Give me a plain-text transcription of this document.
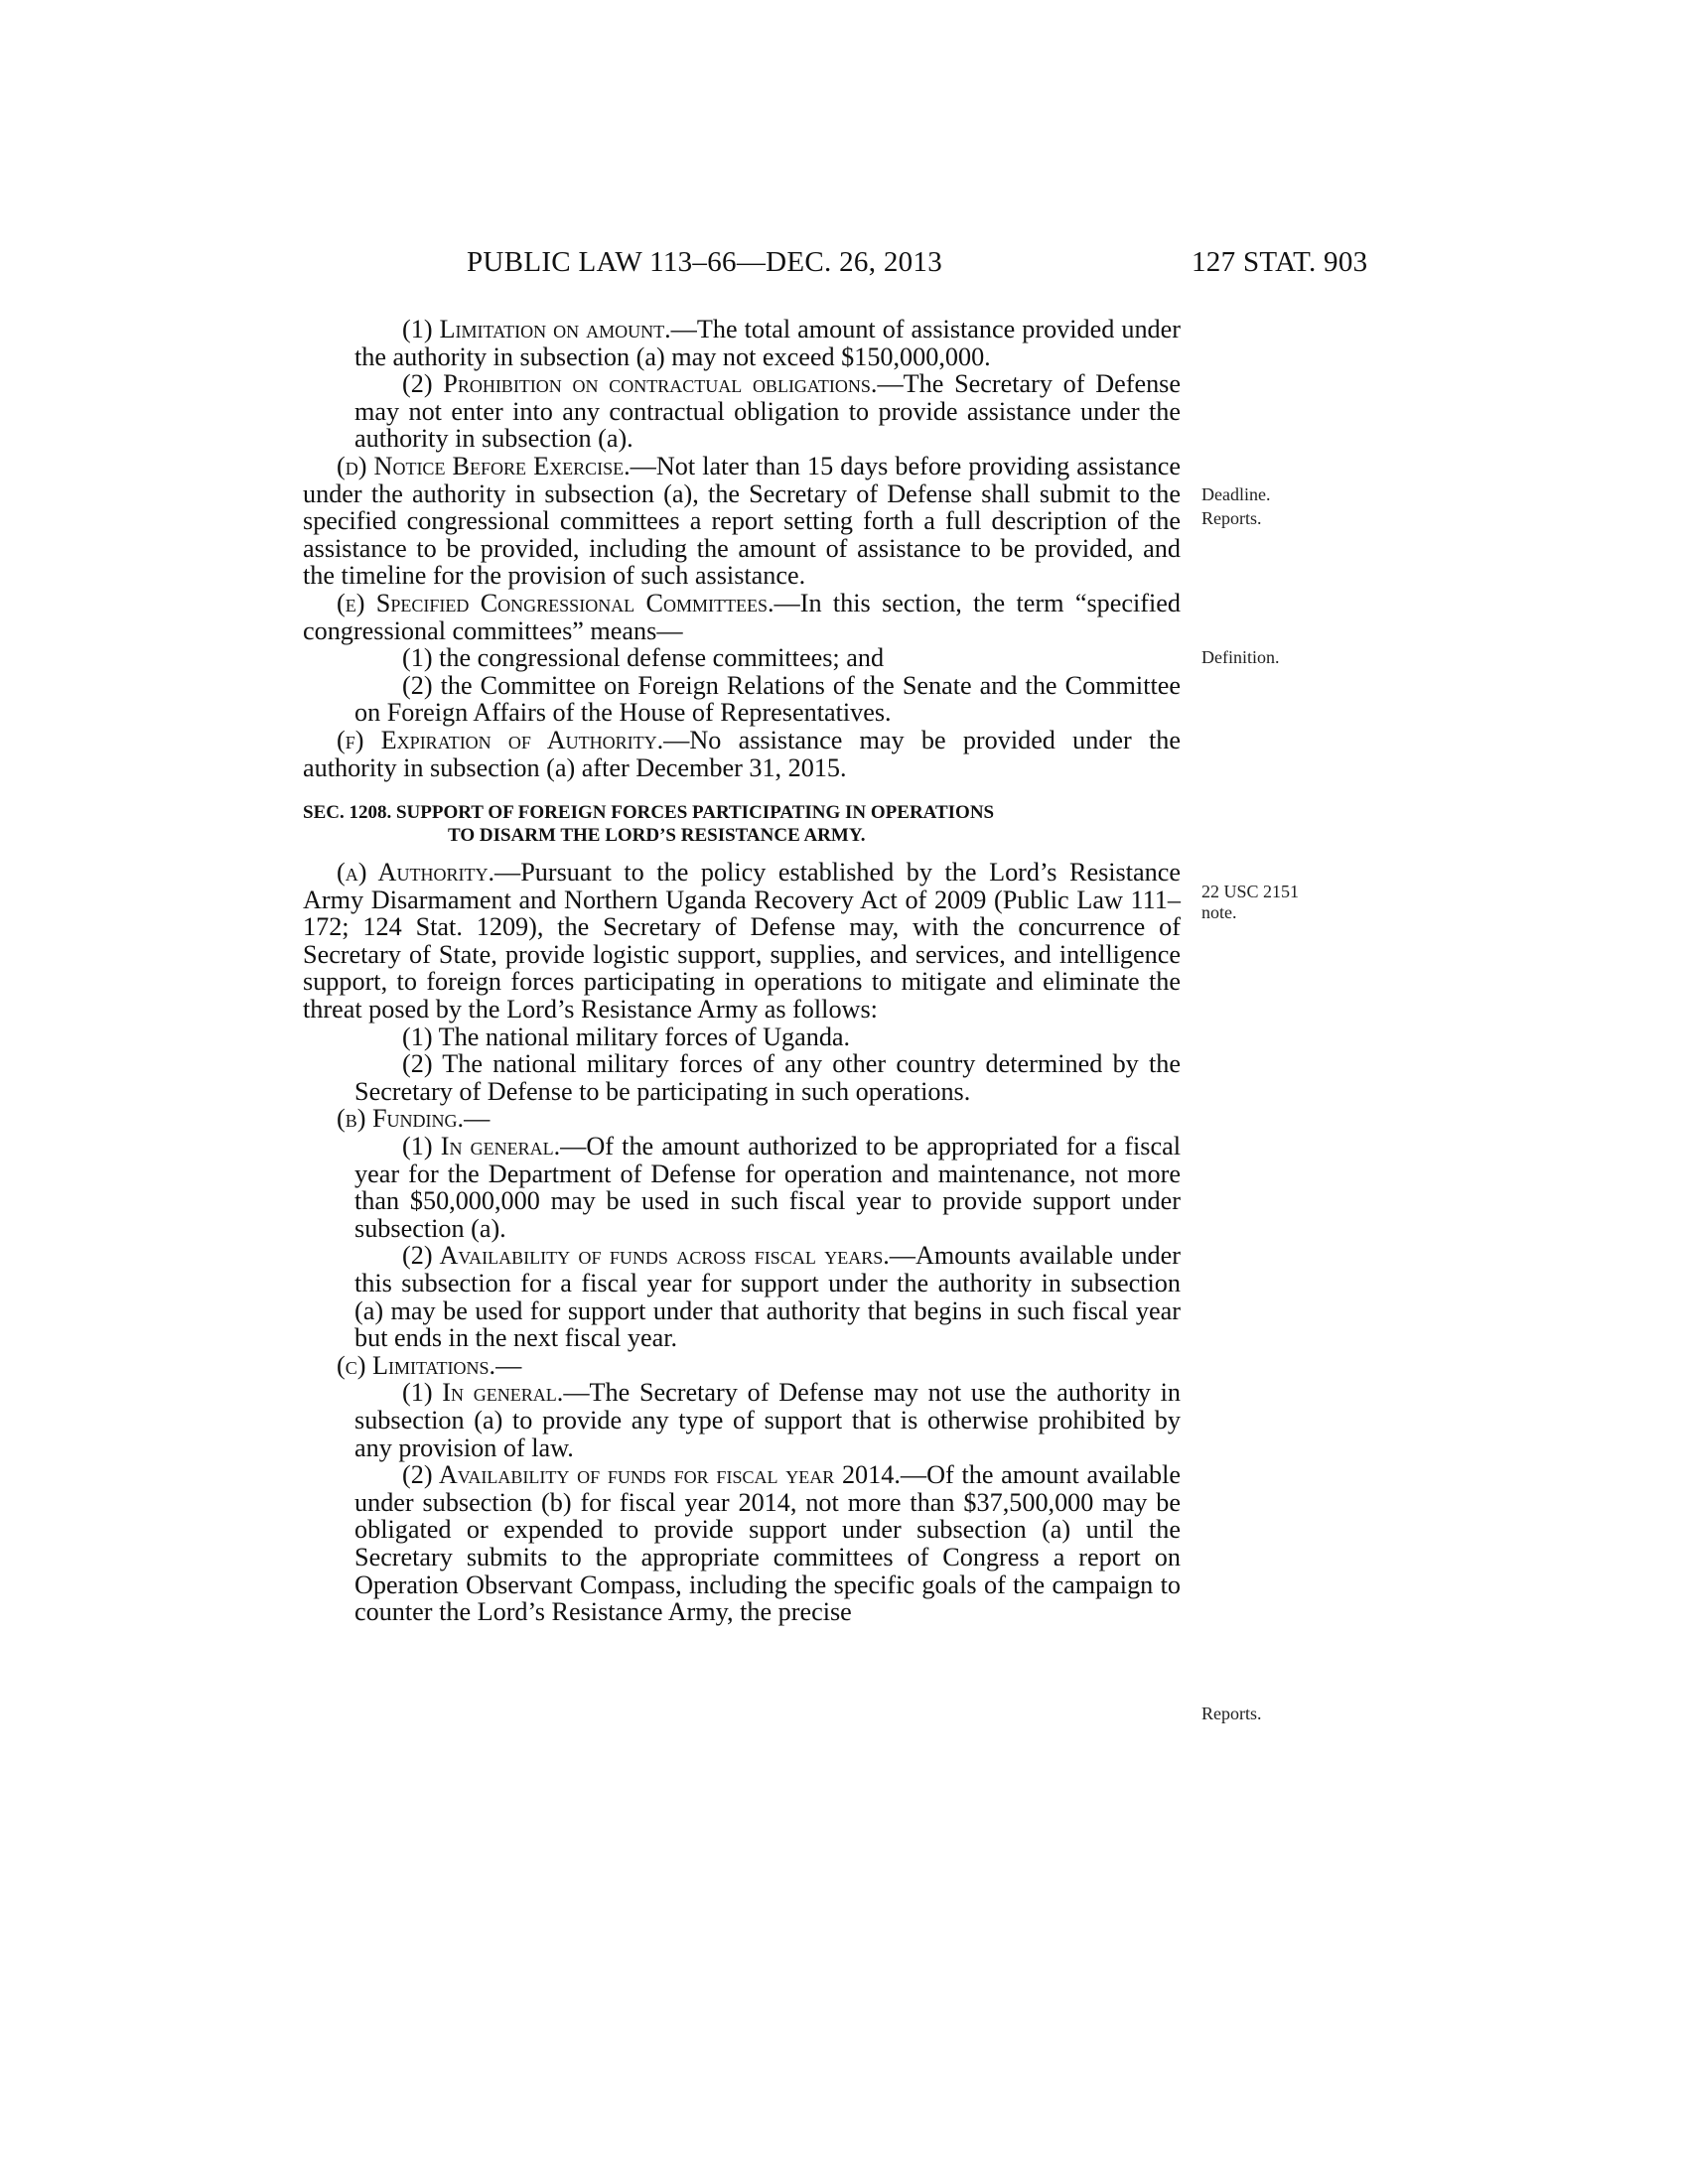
PUBLIC LAW 113–66—DEC. 26, 2013	127 STAT. 903

(1) Limitation on amount.—The total amount of assistance provided under the authority in subsection (a) may not exceed $150,000,000.

(2) Prohibition on contractual obligations.—The Secretary of Defense may not enter into any contractual obligation to provide assistance under the authority in subsection (a).

(d) Notice Before Exercise.—Not later than 15 days before providing assistance under the authority in subsection (a), the Secretary of Defense shall submit to the specified congressional committees a report setting forth a full description of the assistance to be provided, including the amount of assistance to be provided, and the timeline for the provision of such assistance.

(e) Specified Congressional Committees.—In this section, the term “specified congressional committees” means—

(1) the congressional defense committees; and

(2) the Committee on Foreign Relations of the Senate and the Committee on Foreign Affairs of the House of Representatives.

(f) Expiration of Authority.—No assistance may be provided under the authority in subsection (a) after December 31, 2015.

SEC. 1208. SUPPORT OF FOREIGN FORCES PARTICIPATING IN OPERATIONS
TO DISARM THE LORD’S RESISTANCE ARMY.

(a) Authority.—Pursuant to the policy established by the Lord’s Resistance Army Disarmament and Northern Uganda Recovery Act of 2009 (Public Law 111–172; 124 Stat. 1209), the Secretary of Defense may, with the concurrence of Secretary of State, provide logistic support, supplies, and services, and intelligence support, to foreign forces participating in operations to mitigate and eliminate the threat posed by the Lord’s Resistance Army as follows:

(1) The national military forces of Uganda.

(2) The national military forces of any other country determined by the Secretary of Defense to be participating in such operations.

(b) Funding.—

(1) In general.—Of the amount authorized to be appropriated for a fiscal year for the Department of Defense for operation and maintenance, not more than $50,000,000 may be used in such fiscal year to provide support under subsection (a).

(2) Availability of funds across fiscal years.—Amounts available under this subsection for a fiscal year for support under the authority in subsection (a) may be used for support under that authority that begins in such fiscal year but ends in the next fiscal year.

(c) Limitations.—

(1) In general.—The Secretary of Defense may not use the authority in subsection (a) to provide any type of support that is otherwise prohibited by any provision of law.

(2) Availability of funds for fiscal year 2014.—Of the amount available under subsection (b) for fiscal year 2014, not more than $37,500,000 may be obligated or expended to provide support under subsection (a) until the Secretary submits to the appropriate committees of Congress a report on Operation Observant Compass, including the specific goals of the campaign to counter the Lord’s Resistance Army, the precise

Deadline.
Reports.
Definition.
22 USC 2151 note.
Reports.
